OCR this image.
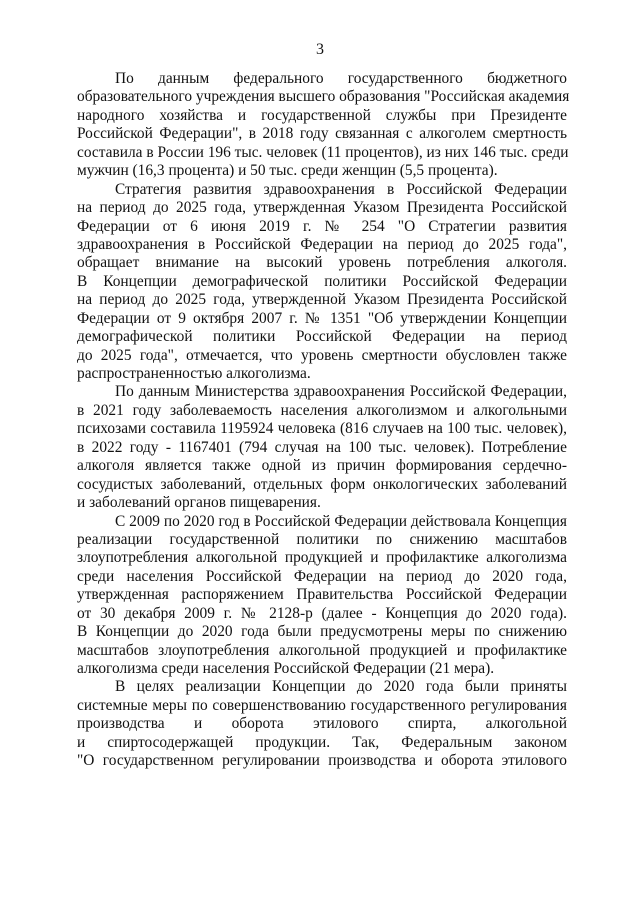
3
По данным федерального государственного бюджетного
образовательного учреждения высшего образования "Российская академия
народного хозяйства и государственной службы при Президенте
Российской Федерации", в 2018 году связанная с алкоголем смертность
составила в России 196 тыс. человек (11 процентов), из них 146 тыс. среди
мужчин (16,3 процента) и 50 тыс. среди женщин (5,5 процента).
Стратегия развития здравоохранения в Российской Федерации
на период до 2025 года, утвержденная Указом Президента Российской
Федерации от 6 июня 2019 г. № 254 "О Стратегии развития
здравоохранения в Российской Федерации на период до 2025 года",
обращает внимание на высокий уровень потребления алкоголя.
В Концепции демографической политики Российской Федерации
на период до 2025 года, утвержденной Указом Президента Российской
Федерации от 9 октября 2007 г. № 1351 "Об утверждении Концепции
демографической политики Российской Федерации на период
до 2025 года", отмечается, что уровень смертности обусловлен также
распространенностью алкоголизма.
По данным Министерства здравоохранения Российской Федерации,
в 2021 году заболеваемость населения алкоголизмом и алкогольными
психозами составила 1195924 человека (816 случаев на 100 тыс. человек),
в 2022 году - 1167401 (794 случая на 100 тыс. человек). Потребление
алкоголя является также одной из причин формирования сердечно-
сосудистых заболеваний, отдельных форм онкологических заболеваний
и заболеваний органов пищеварения.
С 2009 по 2020 год в Российской Федерации действовала Концепция
реализации государственной политики по снижению масштабов
злоупотребления алкогольной продукцией и профилактике алкоголизма
среди населения Российской Федерации на период до 2020 года,
утвержденная распоряжением Правительства Российской Федерации
от 30 декабря 2009 г. № 2128-р (далее - Концепция до 2020 года).
В Концепции до 2020 года были предусмотрены меры по снижению
масштабов злоупотребления алкогольной продукцией и профилактике
алкоголизма среди населения Российской Федерации (21 мера).
В целях реализации Концепции до 2020 года были приняты
системные меры по совершенствованию государственного регулирования
производства и оборота этилового спирта, алкогольной
и спиртосодержащей продукции. Так, Федеральным законом
"О государственном регулировании производства и оборота этилового
